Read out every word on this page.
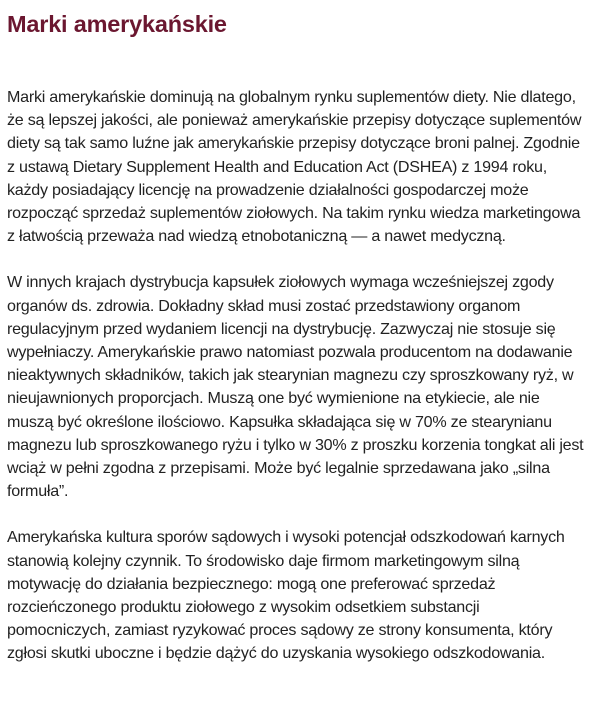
Marki amerykańskie

Marki amerykańskie dominują na globalnym rynku suplementów diety. Nie dlatego, że są lepszej jakości, ale ponieważ amerykańskie przepisy dotyczące suplementów diety są tak samo luźne jak amerykańskie przepisy dotyczące broni palnej. Zgodnie z ustawą Dietary Supplement Health and Education Act (DSHEA) z 1994 roku, każdy posiadający licencję na prowadzenie działalności gospodarczej może rozpocząć sprzedaż suplementów ziołowych. Na takim rynku wiedza marketingowa z łatwością przeważa nad wiedzą etnobotaniczną — a nawet medyczną.

W innych krajach dystrybucja kapsułek ziołowych wymaga wcześniejszej zgody organów ds. zdrowia. Dokładny skład musi zostać przedstawiony organom regulacyjnym przed wydaniem licencji na dystrybucję. Zazwyczaj nie stosuje się wypełniaczy. Amerykańskie prawo natomiast pozwala producentom na dodawanie nieaktywnych składników, takich jak stearynian magnezu czy sproszkowany ryż, w nieujawnionych proporcjach. Muszą one być wymienione na etykiecie, ale nie muszą być określone ilościowo. Kapsułka składająca się w 70% ze stearynianu magnezu lub sproszkowanego ryżu i tylko w 30% z proszku korzenia tongkat ali jest wciąż w pełni zgodna z przepisami. Może być legalnie sprzedawana jako „silna formuła”.

Amerykańska kultura sporów sądowych i wysoki potencjał odszkodowań karnych stanowią kolejny czynnik. To środowisko daje firmom marketingowym silną motywację do działania bezpiecznego: mogą one preferować sprzedaż rozcieńczonego produktu ziołowego z wysokim odsetkiem substancji pomocniczych, zamiast ryzykować proces sądowy ze strony konsumenta, który zgłosi skutki uboczne i będzie dążyć do uzyskania wysokiego odszkodowania.
